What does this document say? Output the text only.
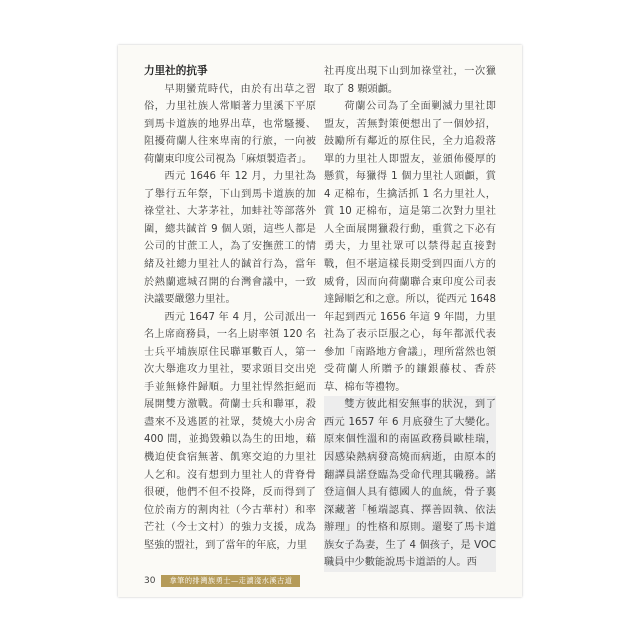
力里社的抗爭

早期蠻荒時代，由於有出草之習俗，力里社族人常順著力里溪下平原到馬卡道族的地界出草，也常騷擾、阻擾荷蘭人往來卑南的行旅，一向被荷蘭東印度公司視為「麻煩製造者」。

西元 1646 年 12 月，力里社為了舉行五年祭，下山到馬卡道族的加祿堂社、大茅茅社，加蚌社等部落外圍，總共馘首 9 個人頭，這些人都是公司的甘蔗工人，為了安撫蔗工的情緒及社總力里社人的馘首行為，當年於熱蘭遮城召開的台灣會議中，一致決議要嚴懲力里社。

西元 1647 年 4 月，公司派出一名上席商務員，一名上尉率領 120 名士兵平埔族原住民聯軍數百人，第一次大舉進攻力里社，要求頭目交出兇手並無條件歸順。力里社悍然拒絕而展開雙方激戰。荷蘭士兵和聯軍，殺盡來不及逃匿的社眾，焚燒大小房舍 400 間，並搗毀賴以為生的田地，藉機迫使食宿無著、飢寒交迫的力里社人乞和。沒有想到力里社人的背脊骨很硬，他們不但不投降，反而得到了位於南方的割肉社（今古華村）和率芒社（今士文村）的強力支援，成為堅強的盟社，到了當年的年底，力里

社再度出現下山到加祿堂社，一次獵取了 8 顆頭顱。

荷蘭公司為了全面剿滅力里社即盟友，苦無對策便想出了一個妙招，鼓勵所有鄰近的原住民，全力追殺落單的力里社人即盟友，並頒佈優厚的懸賞，每獵得 1 個力里社人頭顱，賞 4 疋棉布，生擒活抓 1 名力里社人，賞 10 疋棉布，這是第二次對力里社人全面展開獵殺行動，重賞之下必有勇夫，力里社眾可以禁得起直接對戰，但不堪這樣長期受到四面八方的威脅，因而向荷蘭聯合東印度公司表達歸順乞和之意。所以，從西元 1648 年起到西元 1656 年這 9 年間，力里社為了表示臣服之心，每年都派代表參加「南路地方會議」，理所當然也領受荷蘭人所贈予的鑲銀藤杖、香菸草、棉布等禮物。

雙方彼此相安無事的狀況，到了西元 1657 年 6 月底發生了大變化。原來個性溫和的南區政務員歐桂瑞，因感染熱病發高燒而病逝，由原本的翻譯員諾登臨為受命代理其職務。諾登這個人具有德國人的血統，骨子裏深藏著「極端認真、擇善固執、依法辦理」的性格和原則。還娶了馬卡道族女子為妻，生了 4 個孩子，是 VOC 職員中少數能說馬卡道語的人。西

30	拿筆的排灣族勇士—走讀淺水溪古道
